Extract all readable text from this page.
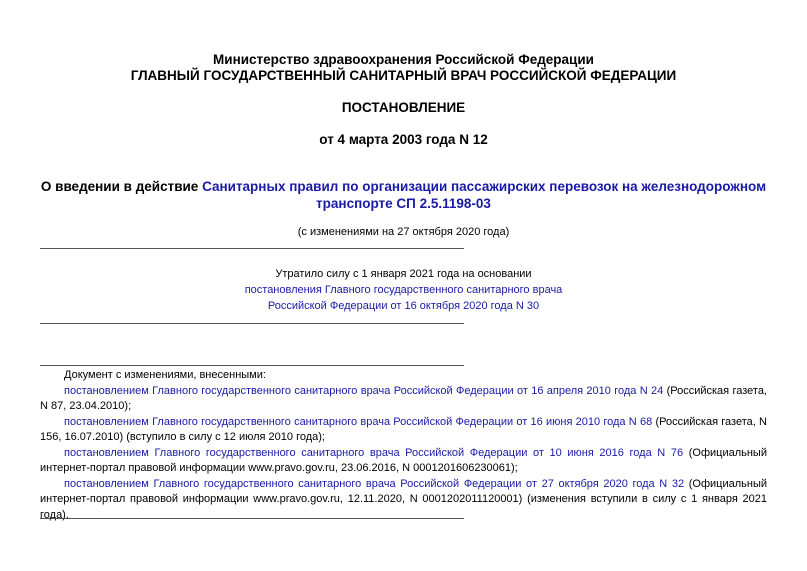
Министерство здравоохранения Российской Федерации
ГЛАВНЫЙ ГОСУДАРСТВЕННЫЙ САНИТАРНЫЙ ВРАЧ РОССИЙСКОЙ ФЕДЕРАЦИИ
ПОСТАНОВЛЕНИЕ
от 4 марта 2003 года N 12
О введении в действие Санитарных правил по организации пассажирских перевозок на железнодорожном транспорте СП 2.5.1198-03
(с изменениями на 27 октября 2020 года)
Утратило силу с 1 января 2021 года на основании
постановления Главного государственного санитарного врача
Российской Федерации от 16 октября 2020 года N 30

Документ с изменениями, внесенными:

постановлением Главного государственного санитарного врача Российской Федерации от 16 апреля 2010 года N 24 (Российская газета, N 87, 23.04.2010);

постановлением Главного государственного санитарного врача Российской Федерации от 16 июня 2010 года N 68 (Российская газета, N 156, 16.07.2010) (вступило в силу с 12 июля 2010 года);

постановлением Главного государственного санитарного врача Российской Федерации от 10 июня 2016 года N 76 (Официальный интернет-портал правовой информации www.pravo.gov.ru, 23.06.2016, N 0001201606230061);

постановлением Главного государственного санитарного врача Российской Федерации от 27 октября 2020 года N 32 (Официальный интернет-портал правовой информации www.pravo.gov.ru, 12.11.2020, N 0001202011120001) (изменения вступили в силу с 1 января 2021 года).
